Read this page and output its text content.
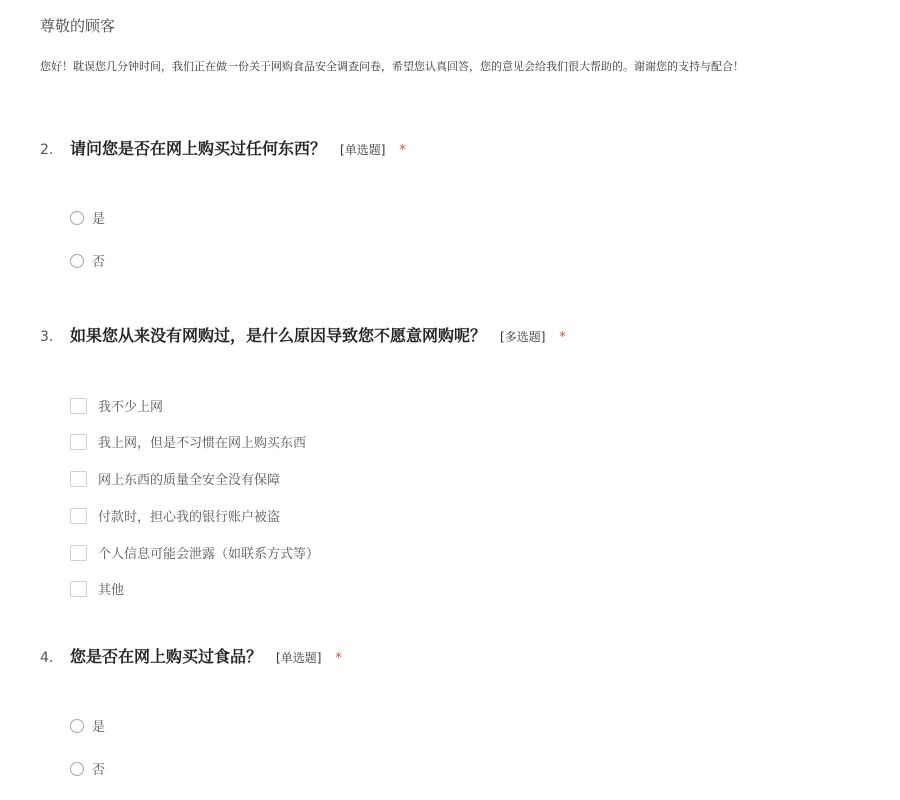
尊敬的顾客
您好！耽误您几分钟时间，我们正在做一份关于网购食品安全调查问卷，希望您认真回答，您的意见会给我们很大帮助的。谢谢您的支持与配合！
2.	请问您是否在网上购买过任何东西？ [单选题] *
是
否
3.	如果您从来没有网购过，是什么原因导致您不愿意网购呢？ [多选题] *
我不少上网
我上网，但是不习惯在网上购买东西
网上东西的质量全安全没有保障
付款时，担心我的银行账户被盗
个人信息可能会泄露（如联系方式等）
其他
4.	您是否在网上购买过食品？ [单选题] *
是
否
